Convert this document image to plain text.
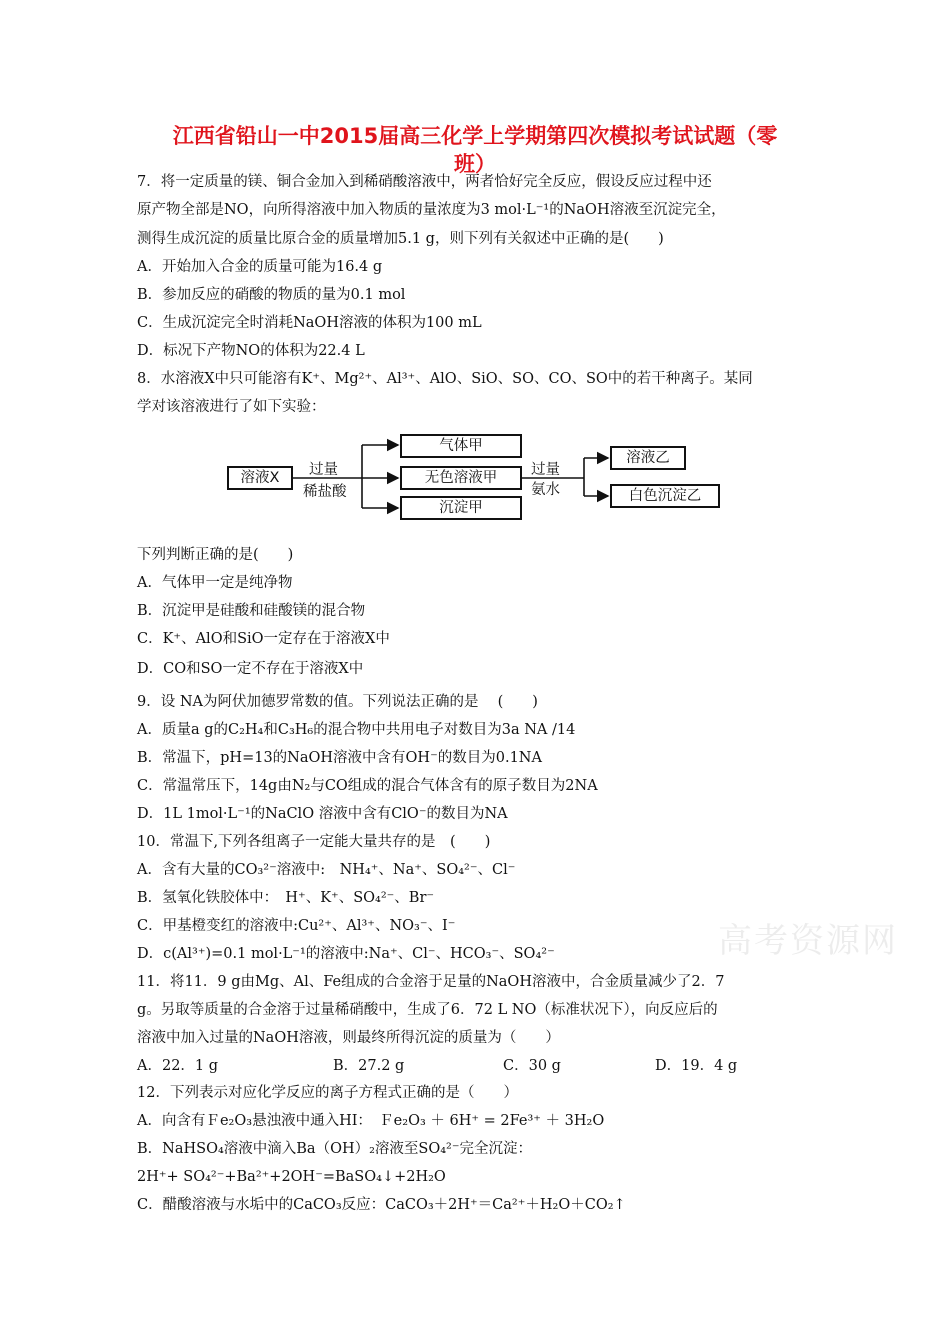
江西省铅山一中2015届高三化学上学期第四次模拟考试试题（零
班）
7．将一定质量的镁、铜合金加入到稀硝酸溶液中，两者恰好完全反应，假设反应过程中还
原产物全部是NO，向所得溶液中加入物质的量浓度为3 mol·L⁻¹的NaOH溶液至沉淀完全，
测得生成沉淀的质量比原合金的质量增加5.1 g，则下列有关叙述中正确的是(　　)
A．开始加入合金的质量可能为16.4 g
B．参加反应的硝酸的物质的量为0.1 mol
C．生成沉淀完全时消耗NaOH溶液的体积为100 mL
D．标况下产物NO的体积为22.4 L
8．水溶液X中只可能溶有K⁺、Mg²⁺、Al³⁺、AlO、SiO、SO、CO、SO中的若干种离子。某同
学对该溶液进行了如下实验：
溶液X	过量
稀盐酸
气体甲
无色溶液甲
沉淀甲
过量
氨水
溶液乙
白色沉淀乙
下列判断正确的是(　　)
A．气体甲一定是纯净物
B．沉淀甲是硅酸和硅酸镁的混合物
C．K⁺、AlO和SiO一定存在于溶液X中
D．CO和SO一定不存在于溶液X中
9．设 NA为阿伏加德罗常数的值。下列说法正确的是　 (　　)
A．质量a g的C₂H₄和C₃H₆的混合物中共用电子对数目为3a NA /14
B．常温下，pH=13的NaOH溶液中含有OH⁻的数目为0.1NA
C．常温常压下，14g由N₂与CO组成的混合气体含有的原子数目为2NA
D．1L 1mol·L⁻¹的NaClO 溶液中含有ClO⁻的数目为NA
10．常温下,下列各组离子一定能大量共存的是　(　　)
A．含有大量的CO₃²⁻溶液中:　NH₄⁺、Na⁺、SO₄²⁻、Cl⁻
B．氢氧化铁胶体中：　H⁺、K⁺、SO₄²⁻、Br⁻
C．甲基橙变红的溶液中:Cu²⁺、Al³⁺、NO₃⁻、I⁻
D．c(Al³⁺)=0.1 mol·L⁻¹的溶液中:Na⁺、Cl⁻、HCO₃⁻、SO₄²⁻
11．将11．9 g由Mg、Al、Fe组成的合金溶于足量的NaOH溶液中，合金质量减少了2．7
g。另取等质量的合金溶于过量稀硝酸中，生成了6．72 L NO（标准状况下），向反应后的
溶液中加入过量的NaOH溶液，则最终所得沉淀的质量为（　　）
A．22．1 g	B．27.2 g	C．30 g	D．19．4 g
12．下列表示对应化学反应的离子方程式正确的是（　　）
A．向含有Ｆe₂O₃悬浊液中通入HI：　Ｆe₂O₃ ＋ 6H⁺ = 2Fe³⁺ ＋ 3H₂O
B．NaHSO₄溶液中滴入Ba（OH）₂溶液至SO₄²⁻完全沉淀：
2H⁺+ SO₄²⁻+Ba²⁺+2OH⁻=BaSO₄↓+2H₂O
C．醋酸溶液与水垢中的CaCO₃反应：CaCO₃＋2H⁺＝Ca²⁺＋H₂O＋CO₂↑
高考资源网
